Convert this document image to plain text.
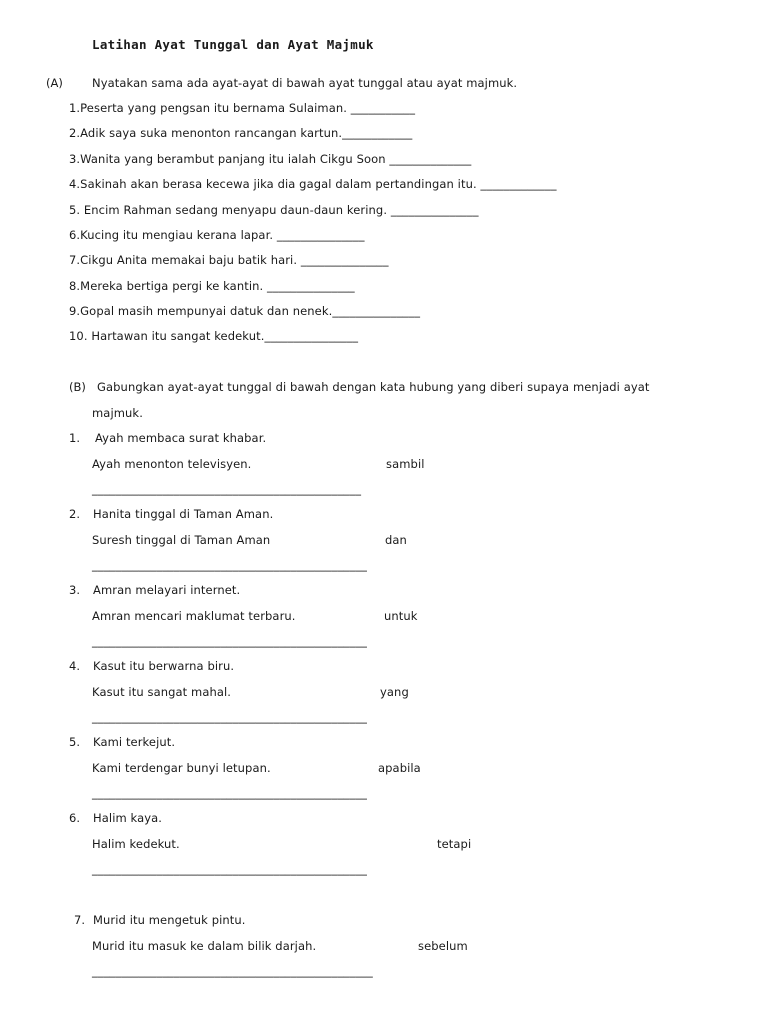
Latihan Ayat Tunggal dan Ayat Majmuk
(A)	Nyatakan sama ada ayat-ayat di bawah ayat tunggal atau ayat majmuk.
1.Peserta yang pengsan itu bernama Sulaiman. ___________
2.Adik saya suka menonton rancangan kartun.____________
3.Wanita yang berambut panjang itu ialah Cikgu Soon ______________
4.Sakinah akan berasa kecewa jika dia gagal dalam pertandingan itu. _____________
5. Encim Rahman sedang menyapu daun-daun kering. _______________
6.Kucing itu mengiau kerana lapar. _______________
7.Cikgu Anita memakai baju batik hari. _______________
8.Mereka bertiga pergi ke kantin. _______________
9.Gopal masih mempunyai datuk dan nenek._______________
10. Hartawan itu sangat kedekut.________________
(B) Gabungkan ayat-ayat tunggal di bawah dengan kata hubung yang diberi supaya menjadi ayat
majmuk.
1. Ayah membaca surat khabar.
Ayah menonton televisyen.	sambil
______________________________________________
2. Hanita tinggal di Taman Aman.
Suresh tinggal di Taman Aman	dan
_______________________________________________
3. Amran melayari internet.
Amran mencari maklumat terbaru.	untuk
_______________________________________________
4. Kasut itu berwarna biru.
Kasut itu sangat mahal.	yang
_______________________________________________
5. Kami terkejut.
Kami terdengar bunyi letupan.	apabila
_______________________________________________
6. Halim kaya.
Halim kedekut.	tetapi
_______________________________________________
7. Murid itu mengetuk pintu.
Murid itu masuk ke dalam bilik darjah.	sebelum
________________________________________________
